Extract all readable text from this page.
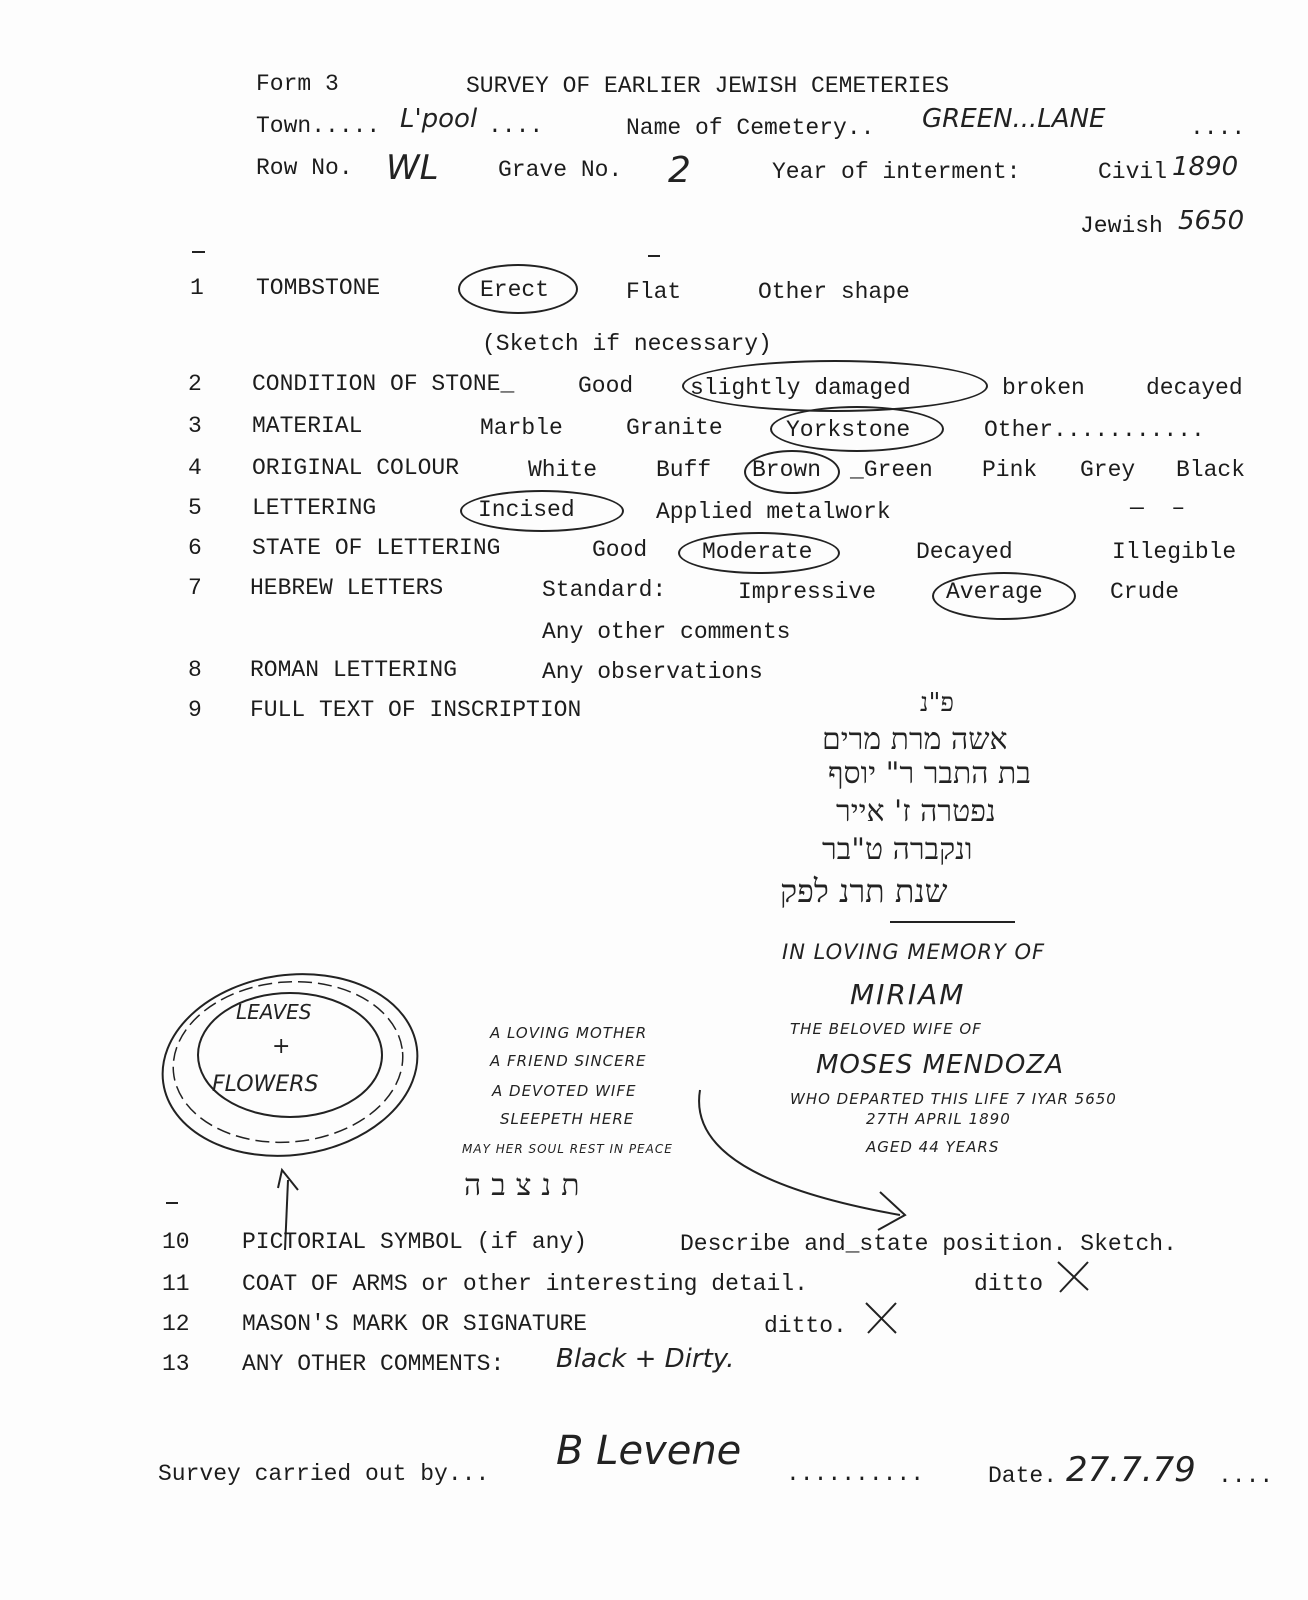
Form 3	SURVEY OF EARLIER JEWISH CEMETERIES
Town..... L'pool ....	Name of Cemetery.. GREEN...LANE	....
Row No. WL	Grave No. 2	Year of interment:	Civil 1890
Jewish 5650
1 TOMBSTONE	Erect	Flat	Other shape
(Sketch if necessary)
2 CONDITION OF STONE_	Good slightly damaged	broken	decayed
3 MATERIAL	Marble	Granite	Yorkstone	Other...........
4 ORIGINAL COLOUR	White	Buff Brown _Green Pink Grey Black
5 LETTERING	Incised	Applied metalwork	—  –
6 STATE OF LETTERING	Good Moderate	Decayed	Illegible
7 HEBREW LETTERS	Standard:	Impressive	Average	Crude
Any other comments
8 ROMAN LETTERING	Any observations
9 FULL TEXT OF INSCRIPTION	פ"נ
אשה מרת מרים
בת התבר ר" יוסף
נפטרה ז' אייר
ונקברה ט"בר
שנת תרנ לפק
IN LOVING MEMORY OF
MIRIAM
THE BELOVED WIFE OF
MOSES MENDOZA
WHO DEPARTED THIS LIFE 7 IYAR 5650
27TH APRIL 1890
AGED 44 YEARS
A LOVING MOTHER
A FRIEND SINCERE
A DEVOTED WIFE
SLEEPETH HERE
MAY HER SOUL REST IN PEACE
תנצבה
LEAVES
+
FLOWERS
10 PICTORIAL SYMBOL (if any)	Describe and_state position. Sketch.
11 COAT OF ARMS or other interesting detail.	ditto
12 MASON'S MARK OR SIGNATURE	ditto.
13 ANY OTHER COMMENTS: Black + Dirty.
Survey carried out by... B Levene ..........	Date. 27.7.79 ....
